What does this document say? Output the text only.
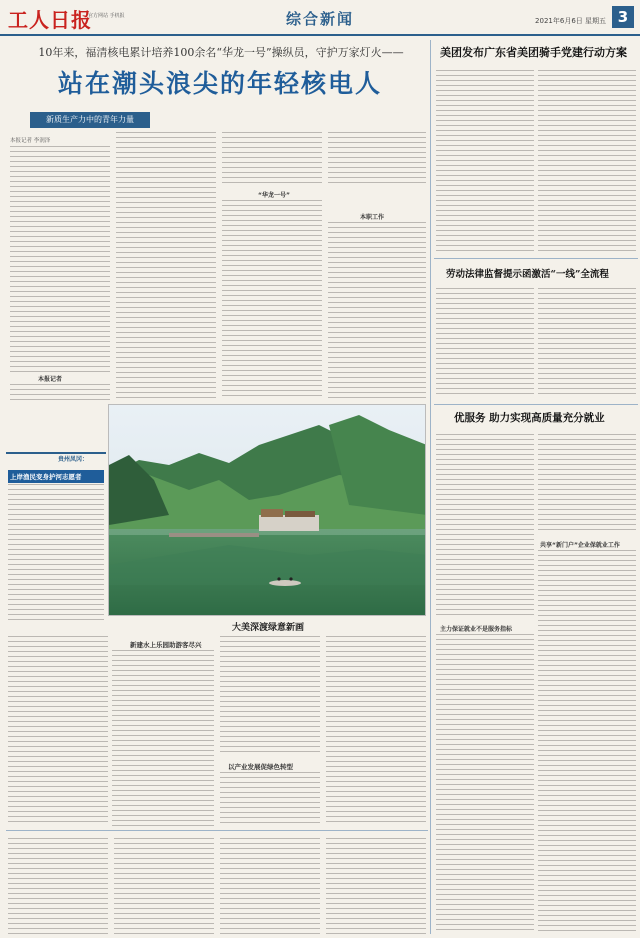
工人日报
官方网站 手机报	综合新闻	2021年6月6日 星期五 3
10年来，福清核电累计培养100余名“华龙一号”操纵员，守护万家灯火——
站在潮头浪尖的年轻核电人
新质生产力中的青年力量
本报记者 李润泽
本报记者
“华龙一号”
本职工作
贵州凤冈：
上岸渔民变身护河志愿者
大美深渡绿意新画
新建水上乐园助游客尽兴
以产业发展促绿色转型
美团发布广东省美团骑手党建行动方案
劳动法律监督提示函激活“一线”全流程
优服务 助力实现高质量充分就业
主力保证就业不是服务指标
共享“新门户”企业保就业工作
